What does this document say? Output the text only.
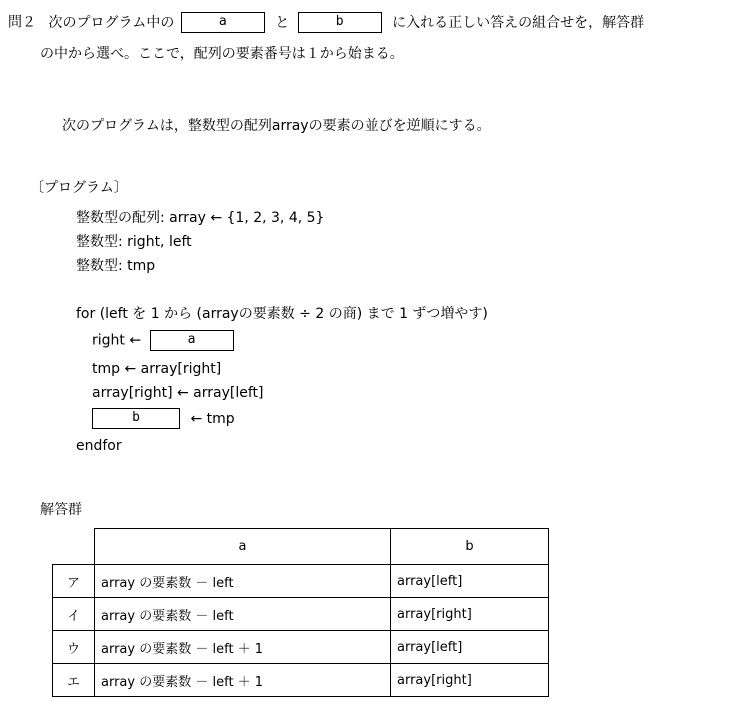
問２ 次のプログラム中の	a	と	b	に入れる正しい答えの組合せを，解答群
の中から選べ。ここで，配列の要素番号は１から始まる。
次のプログラムは，整数型の配列arrayの要素の並びを逆順にする。
〔プログラム〕
整数型の配列: array ← {1, 2, 3, 4, 5}
整数型: right, left
整数型: tmp
for (left を 1 から (arrayの要素数 ÷ 2 の商) まで 1 ずつ増やす)
right ←	a
tmp ← array[right]
array[right] ← array[left]
b	← tmp
endfor
解答群
	a	b
ア	array の要素数 － left	array[left]
イ	array の要素数 － left	array[right]
ウ	array の要素数 － left ＋ 1	array[left]
エ	array の要素数 － left ＋ 1	array[right]
